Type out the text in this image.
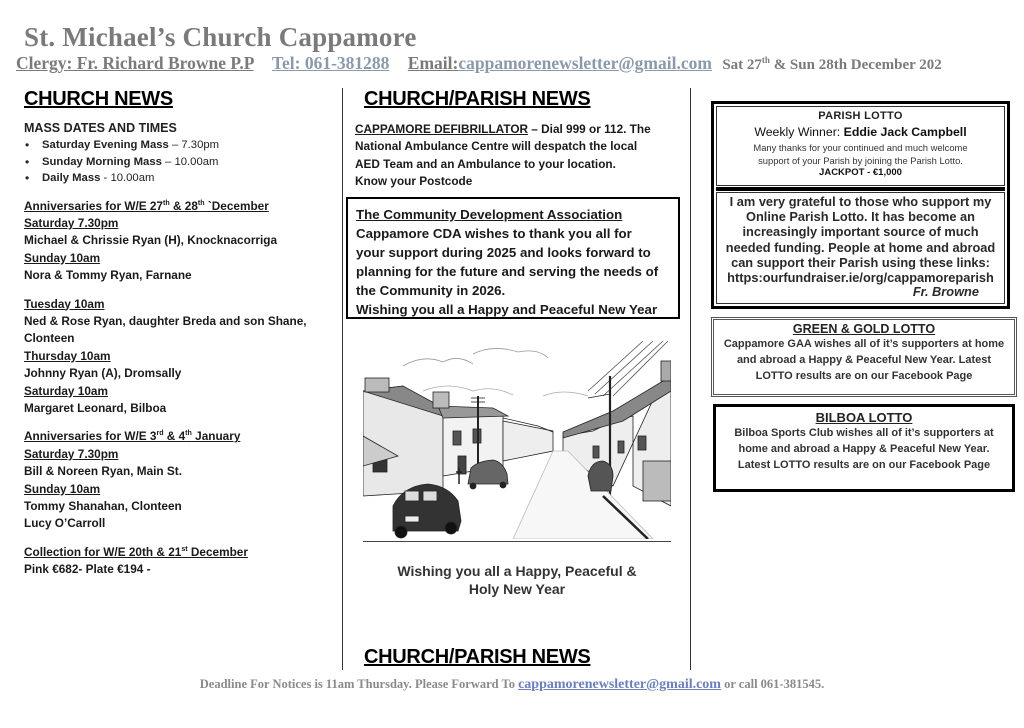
St. Michael’s Church Cappamore
Clergy: Fr. Richard Browne P.P Tel: 061-381288 Email:cappamorenewsletter@gmail.com Sat 27th & Sun 28th December 202
CHURCH NEWS
MASS DATES AND TIMES
• Saturday Evening Mass – 7.30pm
• Sunday Morning Mass – 10.00am
• Daily Mass - 10.00am
Anniversaries for W/E 27th & 28th `December
Saturday 7.30pm
Michael & Chrissie Ryan (H), Knocknacorriga
Sunday 10am
Nora & Tommy Ryan, Farnane
Tuesday 10am
Ned & Rose Ryan, daughter Breda and son Shane,
Clonteen
Thursday 10am
Johnny Ryan (A), Dromsally
Saturday 10am
Margaret Leonard, Bilboa
Anniversaries for W/E 3rd & 4th January
Saturday 7.30pm
Bill & Noreen Ryan, Main St.
Sunday 10am
Tommy Shanahan, Clonteen
Lucy O’Carroll
Collection for W/E 20th & 21st December
Pink €682- Plate €194 -
CHURCH/PARISH NEWS
CAPPAMORE DEFIBRILLATOR – Dial 999 or 112. The
National Ambulance Centre will despatch the local
AED Team and an Ambulance to your location.
Know your Postcode
The Community Development Association
Cappamore CDA wishes to thank you all for
your support during 2025 and looks forward to
planning for the future and serving the needs of
the Community in 2026.
Wishing you all a Happy and Peaceful New Year
Wishing you all a Happy, Peaceful &
Holy New Year
CHURCH/PARISH NEWS
PARISH LOTTO
Weekly Winner: Eddie Jack Campbell
Many thanks for your continued and much welcome
support of your Parish by joining the Parish Lotto.
JACKPOT - €1,000
I am very grateful to those who support my
Online Parish Lotto. It has become an
increasingly important source of much
needed funding. People at home and abroad
can support their Parish using these links:
https:ourfundraiser.ie/org/cappamoreparish
Fr. Browne
GREEN & GOLD LOTTO
Cappamore GAA wishes all of it’s supporters at home
and abroad a Happy & Peaceful New Year. Latest
LOTTO results are on our Facebook Page
BILBOA LOTTO
Bilboa Sports Club wishes all of it’s supporters at
home and abroad a Happy & Peaceful New Year.
Latest LOTTO results are on our Facebook Page
Deadline For Notices is 11am Thursday. Please Forward To cappamorenewsletter@gmail.com or call 061-381545.
